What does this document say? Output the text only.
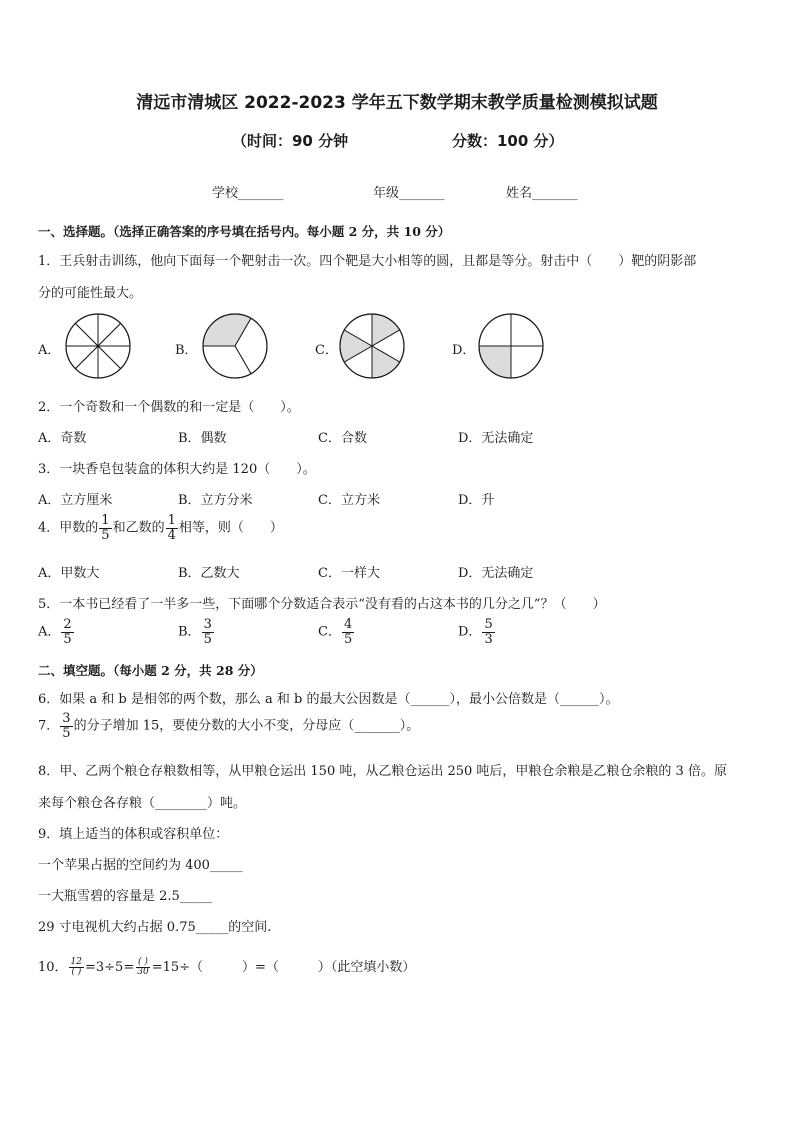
清远市清城区 2022-2023 学年五下数学期末教学质量检测模拟试题
（时间：90 分钟	分数：100 分）
学校_______	年级_______	姓名_______
一、选择题。（选择正确答案的序号填在括号内。每小题 2 分，共 10 分）
1．王兵射击训练，他向下面每一个靶射击一次。四个靶是大小相等的圆，且都是等分。射击中（　　）靶的阴影部
分的可能性最大。
A．	B．	C．	D．
2．一个奇数和一个偶数的和一定是（　　）。
A．奇数	B．偶数	C．合数	D．无法确定
3．一块香皂包装盒的体积大约是 120（　　）。
A．立方厘米	B．立方分米	C．立方米	D．升
4．甲数的 $\frac{1}{5}$ 和乙数的 $\frac{1}{4}$ 相等，则（　　）
A．甲数大	B．乙数大	C．一样大	D．无法确定
5．一本书已经看了一半多一些，下面哪个分数适合表示“没有看的占这本书的几分之几”？（　　）
A． $\frac{2}{5}$	B． $\frac{3}{5}$	C． $\frac{4}{5}$	D． $\frac{5}{3}$
二、填空题。（每小题 2 分，共 28 分）
6．如果 a 和 b 是相邻的两个数，那么 a 和 b 的最大公因数是（______），最小公倍数是（______）。
7． $\frac{3}{5}$ 的分子增加 15，要使分数的大小不变，分母应（_______）。
8．甲、乙两个粮仓存粮数相等，从甲粮仓运出 150 吨，从乙粮仓运出 250 吨后，甲粮仓余粮是乙粮仓余粮的 3 倍。原
来每个粮仓各存粮（________）吨。
9．填上适当的体积或容积单位：
一个苹果占据的空间约为 400_____
一大瓶雪碧的容量是 2.5_____
29 寸电视机大约占据 0.75_____的空间.
10． $\frac{12}{( )} =3\div 5= \frac{( )}{30} =15\div$（　　　）=（　　　）（此空填小数）
